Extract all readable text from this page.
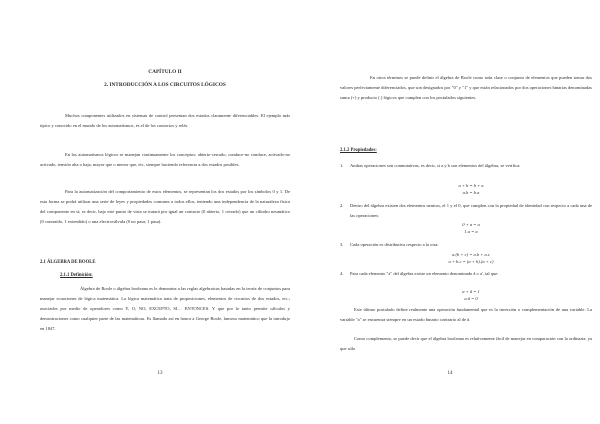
CAPÍTULO II
2. INTRODUCCIÓN A LOS CIRCUITOS LÓGICOS

Muchos componentes utilizados en sistemas de control presentan dos estados claramente diferenciables. El ejemplo más típico y conocido en el mundo de los automatismos, es el de los contactos y relés.

En los automatismos lógicos se manejan continuamente los conceptos: abierto-cerrado, conduce-no conduce, activado-no activado, tensión alta o baja, mayor que o menor que, etc, siempre haciendo referencia a dos estados posibles.

Para la automatización del comportamiento de estos elementos, se representan los dos estados por los símbolos 0 y 1. De esta forma se podrá utilizar una serie de leyes y propiedades comunes a todos ellos, teniendo una independencia de la naturaleza física del componente en sí; es decir, bajo este punto de vista se tratará por igual un contacto (0 abierto, 1 cerrado) que un cilindro neumático (0 contraído, 1 extendido) o una electroválvula (0 no pasa, 1 pasa).

2.1 ÁLGEBRA DE BOOLE
2.1.1 Definición:

Álgebra de Boole o álgebra booleana es le denomina a las reglas algebraicas basadas en la teoría de conjuntos para manejar ecuaciones de lógica matemática. La lógica matemática trata de proposiciones, elementos de circuitos de dos estados, etc.; asociados por medio de operadores como Y, O, NO, EXCEPTO, SI… ENTONCES. Y que por lo tanto permite cálculos y demostraciones como cualquier parte de las matemáticas. Es llamado así en honor a George Boole, famoso matemático que la introdujo en 1847.

13

En otros términos se puede definir el álgebra de Boole como toda clase o conjunto de elementos que pueden tomar dos valores perfectamente diferenciados, que son designados por "0" y "1" y que están relacionados por dos operaciones binarias denominadas suma (+) y producto (.) lógicos que cumplen con los postulados siguientes.

2.1.2 Propiedades:
1. Ambas operaciones son conmutativas, es decir, si a y b son elementos del álgebra, se verifica:

a + b = b + a
a.b = b.a
2. Dentro del álgebra existen dos elementos neutros, el 1 y el 0, que cumplen con la propiedad de identidad con respecto a cada una de las operaciones:

0 + a = a
1.a = a
3. Cada operación es distributiva respecto a la otra:

a.(b + c) = a.b + a.c
a + b.c = (a + b).(a + c)
4. Para cada elemento "a" del álgebra existe un elemento denominado â o a', tal que:

a + â = 1
a.â = 0

Este último postulado define realmente una operación fundamental que es la inversión o complementación de una variable. La variable "a" se encuentra siempre en un estado binario contrario al de â.

Como complemento, se puede decir que el álgebra booleana es relativamente fácil de manejar en comparación con la ordinaria, ya que sólo

14
